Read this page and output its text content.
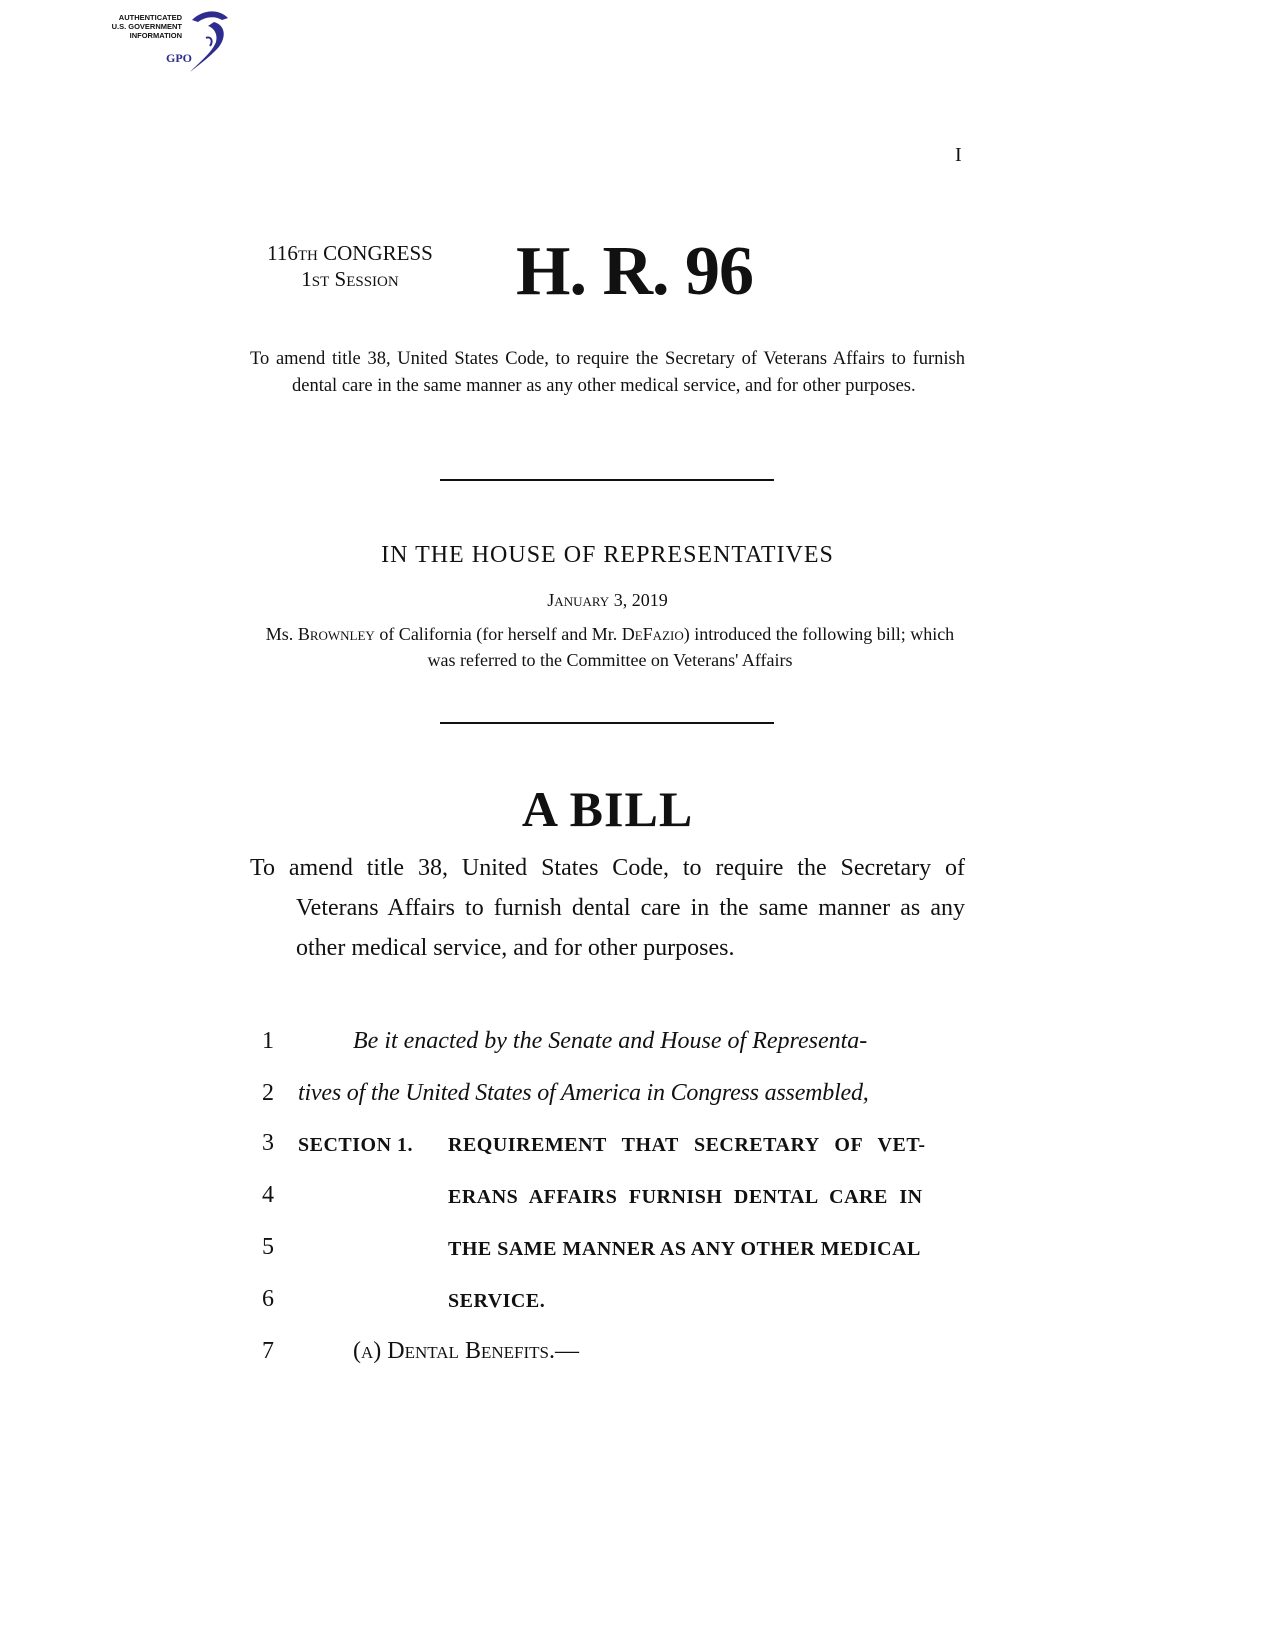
AUTHENTICATED
U.S. GOVERNMENT
INFORMATION
GPO
I
116th CONGRESS
1st Session	H. R. 96
To amend title 38, United States Code, to require the Secretary of Veterans Affairs to furnish dental care in the same manner as any other medical service, and for other purposes.
IN THE HOUSE OF REPRESENTATIVES
January 3, 2019
Ms. Brownley of California (for herself and Mr. DeFazio) introduced the following bill; which was referred to the Committee on Veterans' Affairs
A BILL
To amend title 38, United States Code, to require the Secretary of Veterans Affairs to furnish dental care in the same manner as any other medical service, and for other purposes.
1	Be it enacted by the Senate and House of Representa-
2 tives of the United States of America in Congress assembled,
3 SECTION 1. REQUIREMENT THAT SECRETARY OF VET-
4	ERANS AFFAIRS FURNISH DENTAL CARE IN
5	THE SAME MANNER AS ANY OTHER MEDICAL
6	SERVICE.
7	(a) Dental Benefits.—
